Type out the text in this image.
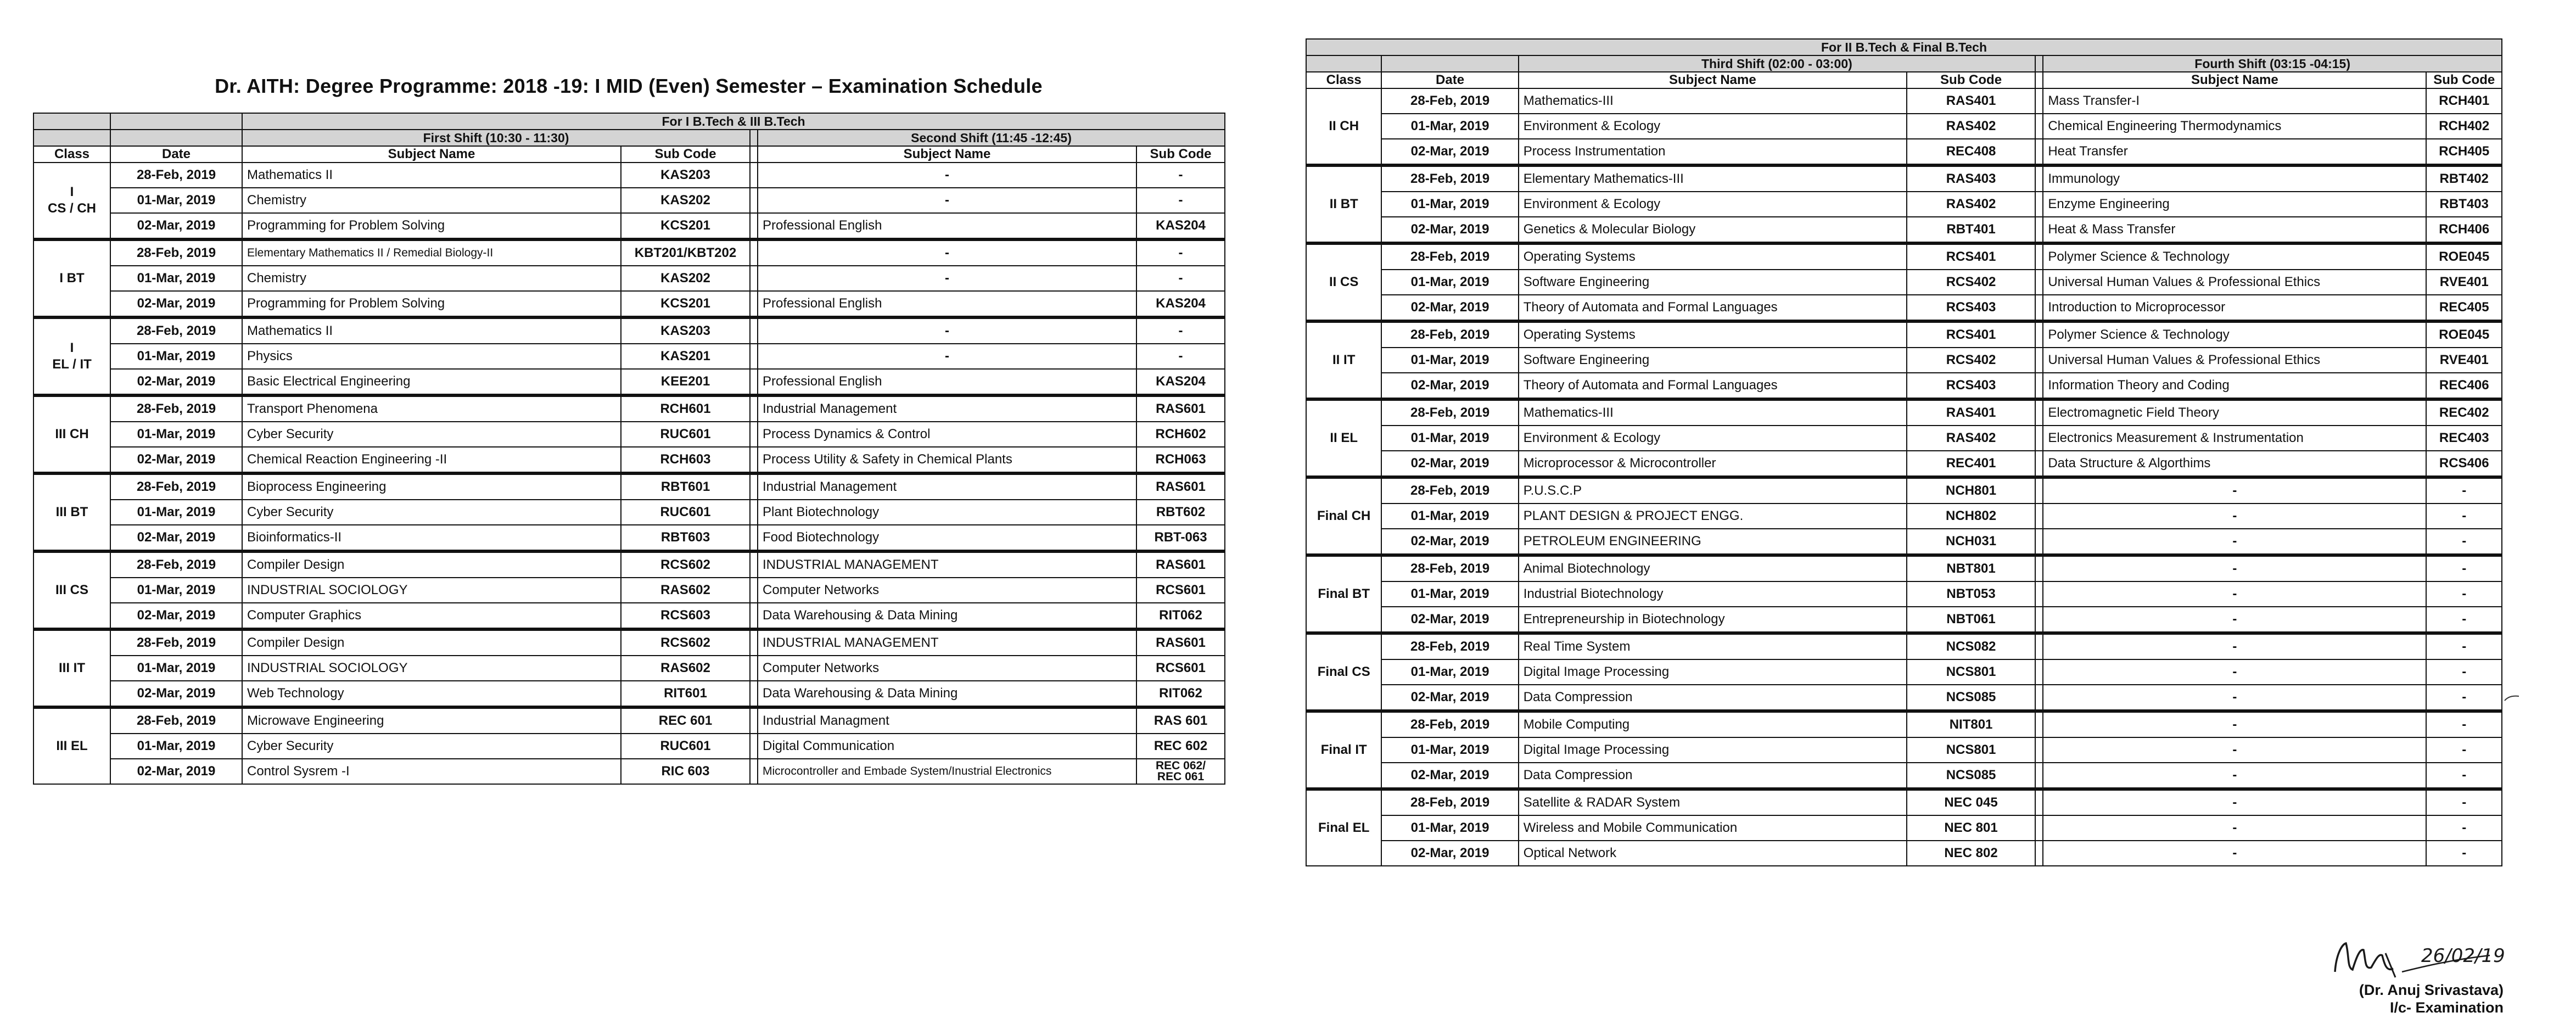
Dr. AITH: Degree Programme: 2018 -19: I MID (Even) Semester – Examination Schedule
		For I B.Tech & III B.Tech				
		First Shift (10:30 - 11:30)			Second Shift (11:45 -12:45)	
Class	Date	Subject Name	Sub Code		Subject Name	Sub Code
I
CS / CH	28-Feb, 2019	Mathematics II	KAS203		-	-
	01-Mar, 2019	Chemistry	KAS202		-	-
	02-Mar, 2019	Programming for Problem Solving	KCS201		Professional English	KAS204
I BT	28-Feb, 2019	Elementary Mathematics II / Remedial Biology-II	KBT201/KBT202		-	-
	01-Mar, 2019	Chemistry	KAS202		-	-
	02-Mar, 2019	Programming for Problem Solving	KCS201		Professional English	KAS204
I
EL / IT	28-Feb, 2019	Mathematics II	KAS203		-	-
	01-Mar, 2019	Physics	KAS201		-	-
	02-Mar, 2019	Basic Electrical Engineering	KEE201		Professional English	KAS204
III CH	28-Feb, 2019	Transport Phenomena	RCH601		Industrial Management	RAS601
	01-Mar, 2019	Cyber Security	RUC601		Process Dynamics & Control	RCH602
	02-Mar, 2019	Chemical Reaction Engineering -II	RCH603		Process Utility & Safety in Chemical Plants	RCH063
III BT	28-Feb, 2019	Bioprocess Engineering	RBT601		Industrial Management	RAS601
	01-Mar, 2019	Cyber Security	RUC601		Plant Biotechnology	RBT602
	02-Mar, 2019	Bioinformatics-II	RBT603		Food Biotechnology	RBT-063
III CS	28-Feb, 2019	Compiler Design	RCS602		INDUSTRIAL MANAGEMENT	RAS601
	01-Mar, 2019	INDUSTRIAL SOCIOLOGY	RAS602		Computer Networks	RCS601
	02-Mar, 2019	Computer Graphics	RCS603		Data Warehousing & Data Mining	RIT062
III IT	28-Feb, 2019	Compiler Design	RCS602		INDUSTRIAL MANAGEMENT	RAS601
	01-Mar, 2019	INDUSTRIAL SOCIOLOGY	RAS602		Computer Networks	RCS601
	02-Mar, 2019	Web Technology	RIT601		Data Warehousing & Data Mining	RIT062
III EL	28-Feb, 2019	Microwave Engineering	REC 601		Industrial Managment	RAS 601
	01-Mar, 2019	Cyber Security	RUC601		Digital Communication	REC 602
	02-Mar, 2019	Control Sysrem -I	RIC 603		Microcontroller and Embade System/Inustrial Electronics	REC 062/
REC 061
For II B.Tech & Final B.Tech						
		Third Shift (02:00 - 03:00)			Fourth Shift (03:15 -04:15)	
Class	Date	Subject Name	Sub Code		Subject Name	Sub Code
II CH	28-Feb, 2019	Mathematics-III	RAS401		Mass Transfer-I	RCH401
	01-Mar, 2019	Environment & Ecology	RAS402		Chemical Engineering Thermodynamics	RCH402
	02-Mar, 2019	Process Instrumentation	REC408		Heat Transfer	RCH405
II BT	28-Feb, 2019	Elementary Mathematics-III	RAS403		Immunology	RBT402
	01-Mar, 2019	Environment & Ecology	RAS402		Enzyme Engineering	RBT403
	02-Mar, 2019	Genetics & Molecular Biology	RBT401		Heat & Mass Transfer	RCH406
II CS	28-Feb, 2019	Operating Systems	RCS401		Polymer Science & Technology	ROE045
	01-Mar, 2019	Software Engineering	RCS402		Universal Human Values & Professional Ethics	RVE401
	02-Mar, 2019	Theory of Automata and Formal Languages	RCS403		Introduction to Microprocessor	REC405
II IT	28-Feb, 2019	Operating Systems	RCS401		Polymer Science & Technology	ROE045
	01-Mar, 2019	Software Engineering	RCS402		Universal Human Values & Professional Ethics	RVE401
	02-Mar, 2019	Theory of Automata and Formal Languages	RCS403		Information Theory and Coding	REC406
II EL	28-Feb, 2019	Mathematics-III	RAS401		Electromagnetic Field Theory	REC402
	01-Mar, 2019	Environment & Ecology	RAS402		Electronics Measurement & Instrumentation	REC403
	02-Mar, 2019	Microprocessor & Microcontroller	REC401		Data Structure & Algorthims	RCS406
Final CH	28-Feb, 2019	P.U.S.C.P	NCH801		-	-
	01-Mar, 2019	PLANT DESIGN & PROJECT ENGG.	NCH802		-	-
	02-Mar, 2019	PETROLEUM ENGINEERING	NCH031		-	-
Final BT	28-Feb, 2019	Animal Biotechnology	NBT801		-	-
	01-Mar, 2019	Industrial Biotechnology	NBT053		-	-
	02-Mar, 2019	Entrepreneurship in Biotechnology	NBT061		-	-
Final CS	28-Feb, 2019	Real Time System	NCS082		-	-
	01-Mar, 2019	Digital Image Processing	NCS801		-	-
	02-Mar, 2019	Data Compression	NCS085		-	-
Final IT	28-Feb, 2019	Mobile Computing	NIT801		-	-
	01-Mar, 2019	Digital Image Processing	NCS801		-	-
	02-Mar, 2019	Data Compression	NCS085		-	-
Final EL	28-Feb, 2019	Satellite & RADAR System	NEC 045		-	-
	01-Mar, 2019	Wireless and Mobile Communication	NEC 801		-	-
	02-Mar, 2019	Optical Network	NEC 802		-	-
26/02/19
(Dr. Anuj Srivastava)
I/c- Examination
